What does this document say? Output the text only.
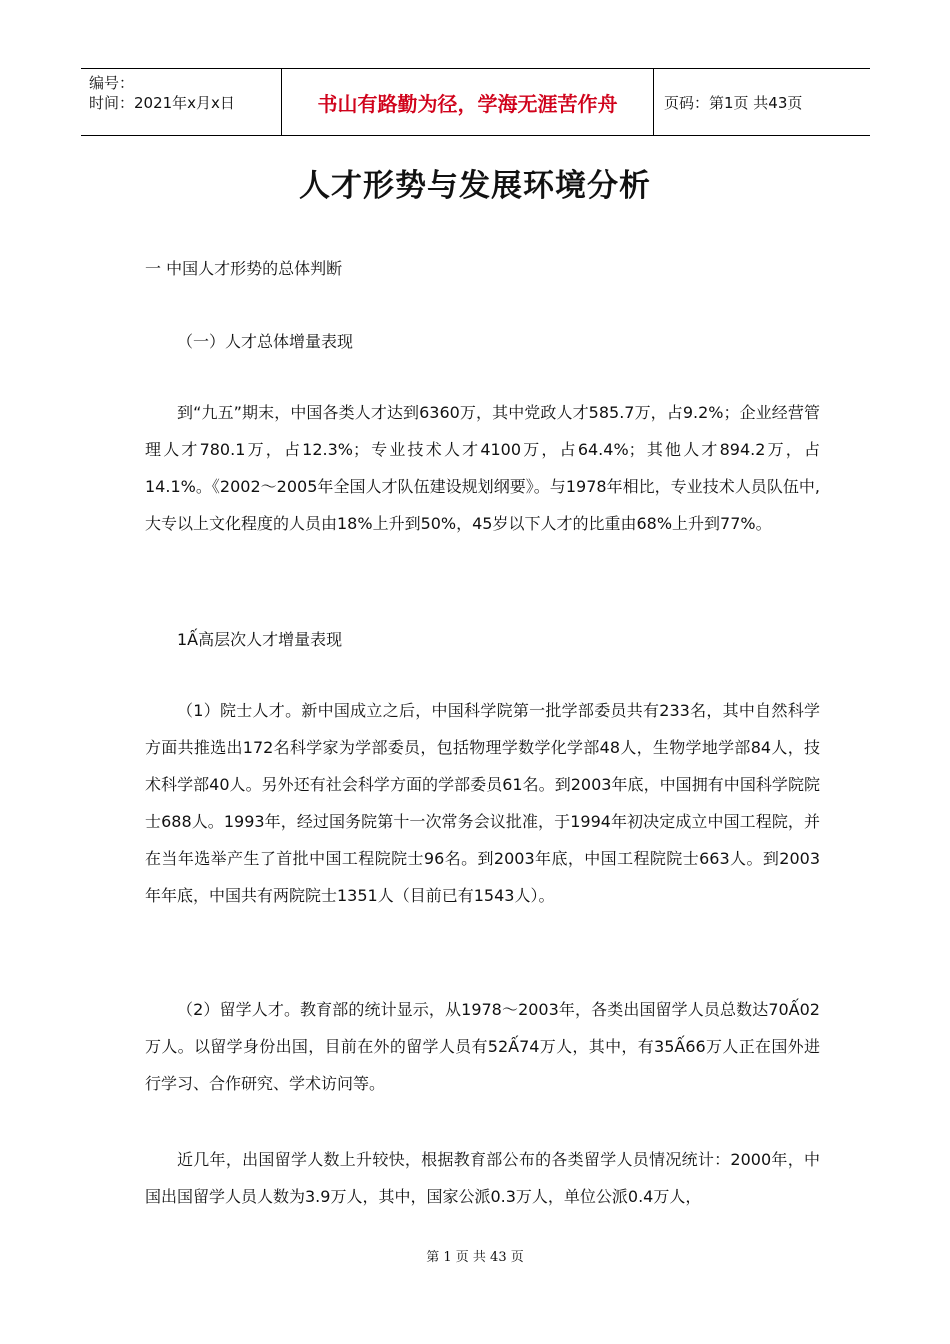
编号：
时间：2021年x月x日	书山有路勤为径，学海无涯苦作舟	页码：第1页 共43页
人才形势与发展环境分析
一 中国人才形势的总体判断
（一）人才总体增量表现
到“九五”期末，中国各类人才达到6360万，其中党政人才585.7万，占9.2%；企业经营管理人才780.1万，占12.3%；专业技术人才4100万，占64.4%；其他人才894.2万，占14.1%。《2002～2005年全国人才队伍建设规划纲要》。与1978年相比，专业技术人员队伍中,大专以上文化程度的人员由18%上升到50%，45岁以下人才的比重由68%上升到77%。
1Ấ高层次人才增量表现
（1）院士人才。新中国成立之后，中国科学院第一批学部委员共有233名，其中自然科学方面共推选出172名科学家为学部委员，包括物理学数学化学部48人，生物学地学部84人，技术科学部40人。另外还有社会科学方面的学部委员61名。到2003年底，中国拥有中国科学院院士688人。1993年，经过国务院第十一次常务会议批准，于1994年初决定成立中国工程院，并在当年选举产生了首批中国工程院院士96名。到2003年底，中国工程院院士663人。到2003年年底，中国共有两院院士1351人（目前已有1543人）。
（2）留学人才。教育部的统计显示，从1978～2003年，各类出国留学人员总数达70Ấ02万人。以留学身份出国，目前在外的留学人员有52Ấ74万人，其中，有35Ấ66万人正在国外进行学习、合作研究、学术访问等。
近几年，出国留学人数上升较快，根据教育部公布的各类留学人员情况统计：2000年，中国出国留学人员人数为3.9万人，其中，国家公派0.3万人，单位公派0.4万人，
第 1 页 共 43 页
